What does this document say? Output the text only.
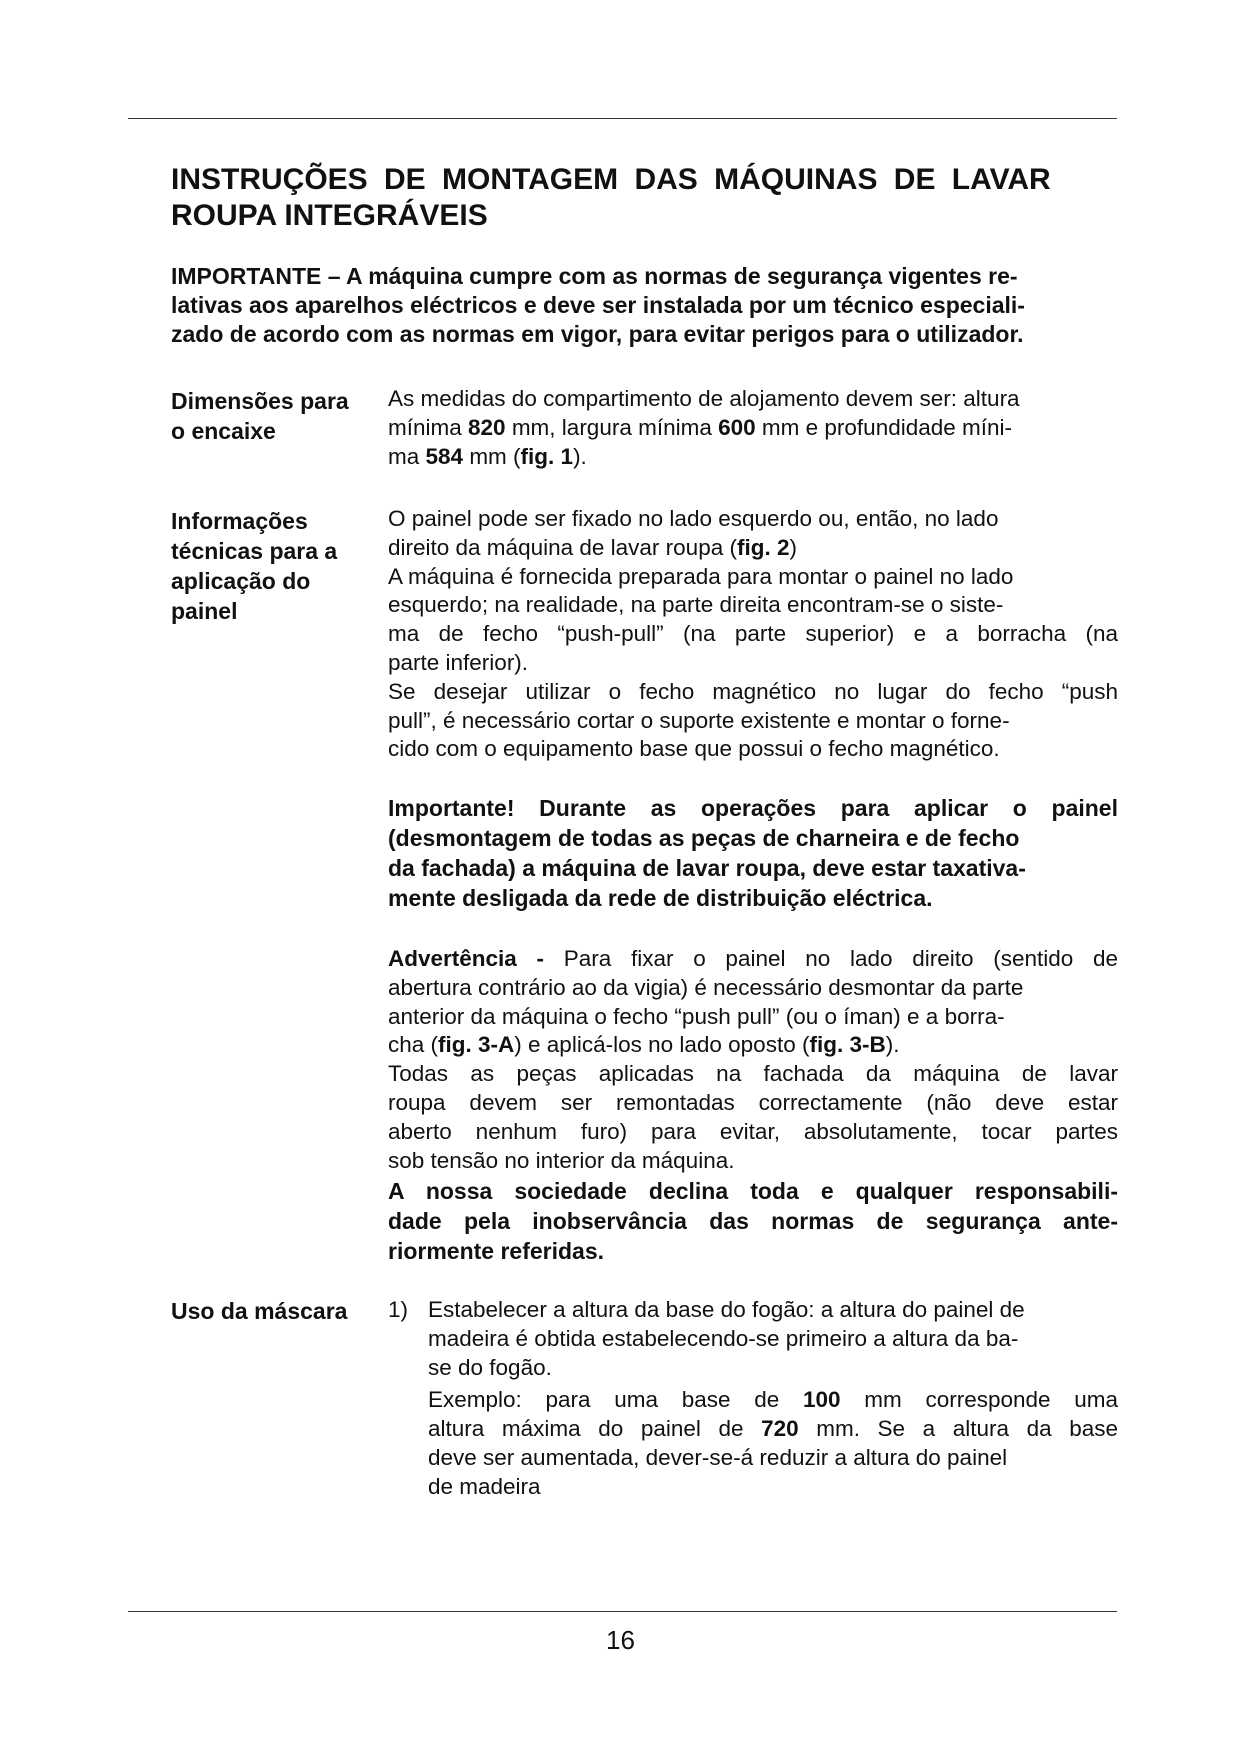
INSTRUÇÕES DE MONTAGEM DAS MÁQUINAS DE LAVAR
ROUPA INTEGRÁVEIS
IMPORTANTE – A máquina cumpre com as normas de segurança vigentes re-
lativas aos aparelhos eléctricos e deve ser instalada por um técnico especiali-
zado de acordo com as normas em vigor, para evitar perigos para o utilizador.
Dimensões para
o encaixe
As medidas do compartimento de alojamento devem ser: altura
mínima 820 mm, largura mínima 600 mm e profundidade míni-
ma 584 mm (fig. 1).
Informações
técnicas para a
aplicação do
painel
O painel pode ser fixado no lado esquerdo ou, então, no lado
direito da máquina de lavar roupa (fig. 2)
A máquina é fornecida preparada para montar o painel no lado
esquerdo; na realidade, na parte direita encontram-se o siste-
ma de fecho “push-pull” (na parte superior) e a borracha (na
parte inferior).
Se desejar utilizar o fecho magnético no lugar do fecho “push
pull”, é necessário cortar o suporte existente e montar o forne-
cido com o equipamento base que possui o fecho magnético.
Importante! Durante as operações para aplicar o painel
(desmontagem de todas as peças de charneira e de fecho
da fachada) a máquina de lavar roupa, deve estar taxativa-
mente desligada da rede de distribuição eléctrica.
Advertência - Para fixar o painel no lado direito (sentido de
abertura contrário ao da vigia) é necessário desmontar da parte
anterior da máquina o fecho “push pull” (ou o íman) e a borra-
cha (fig. 3-A) e aplicá-los no lado oposto (fig. 3-B).
Todas as peças aplicadas na fachada da máquina de lavar
roupa devem ser remontadas correctamente (não deve estar
aberto nenhum furo) para evitar, absolutamente, tocar partes
sob tensão no interior da máquina.
A nossa sociedade declina toda e qualquer responsabili-
dade pela inobservância das normas de segurança ante-
riormente referidas.
Uso da máscara	1) Estabelecer a altura da base do fogão: a altura do painel de
madeira é obtida estabelecendo-se primeiro a altura da ba-
se do fogão.
Exemplo: para uma base de 100 mm corresponde uma
altura máxima do painel de 720 mm. Se a altura da base
deve ser aumentada, dever-se-á reduzir a altura do painel
de madeira
16
